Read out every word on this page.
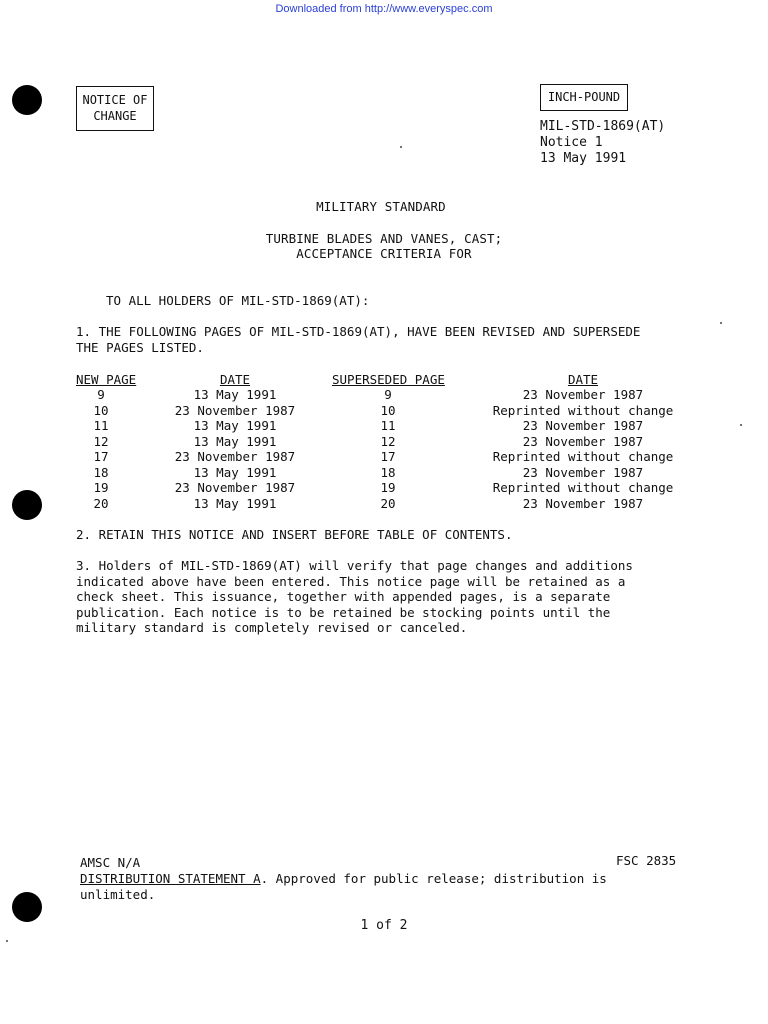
Downloaded from http://www.everyspec.com
NOTICE OF
CHANGE
INCH-POUND
MIL-STD-1869(AT)
Notice 1
13 May 1991
MILITARY STANDARD
TURBINE BLADES AND VANES, CAST;
ACCEPTANCE CRITERIA FOR
TO ALL HOLDERS OF MIL-STD-1869(AT):
1. THE FOLLOWING PAGES OF MIL-STD-1869(AT), HAVE BEEN REVISED AND SUPERSEDE
THE PAGES LISTED.
NEW PAGE	DATE	SUPERSEDED PAGE	DATE
9	13 May 1991	9	23 November 1987
10	23 November 1987	10	Reprinted without change
11	13 May 1991	11	23 November 1987
12	13 May 1991	12	23 November 1987
17	23 November 1987	17	Reprinted without change
18	13 May 1991	18	23 November 1987
19	23 November 1987	19	Reprinted without change
20	13 May 1991	20	23 November 1987
2. RETAIN THIS NOTICE AND INSERT BEFORE TABLE OF CONTENTS.
3. Holders of MIL-STD-1869(AT) will verify that page changes and additions
indicated above have been entered. This notice page will be retained as a
check sheet. This issuance, together with appended pages, is a separate
publication. Each notice is to be retained be stocking points until the
military standard is completely revised or canceled.
AMSC N/A
DISTRIBUTION STATEMENT A. Approved for public release; distribution is
unlimited.
FSC 2835
1 of 2
